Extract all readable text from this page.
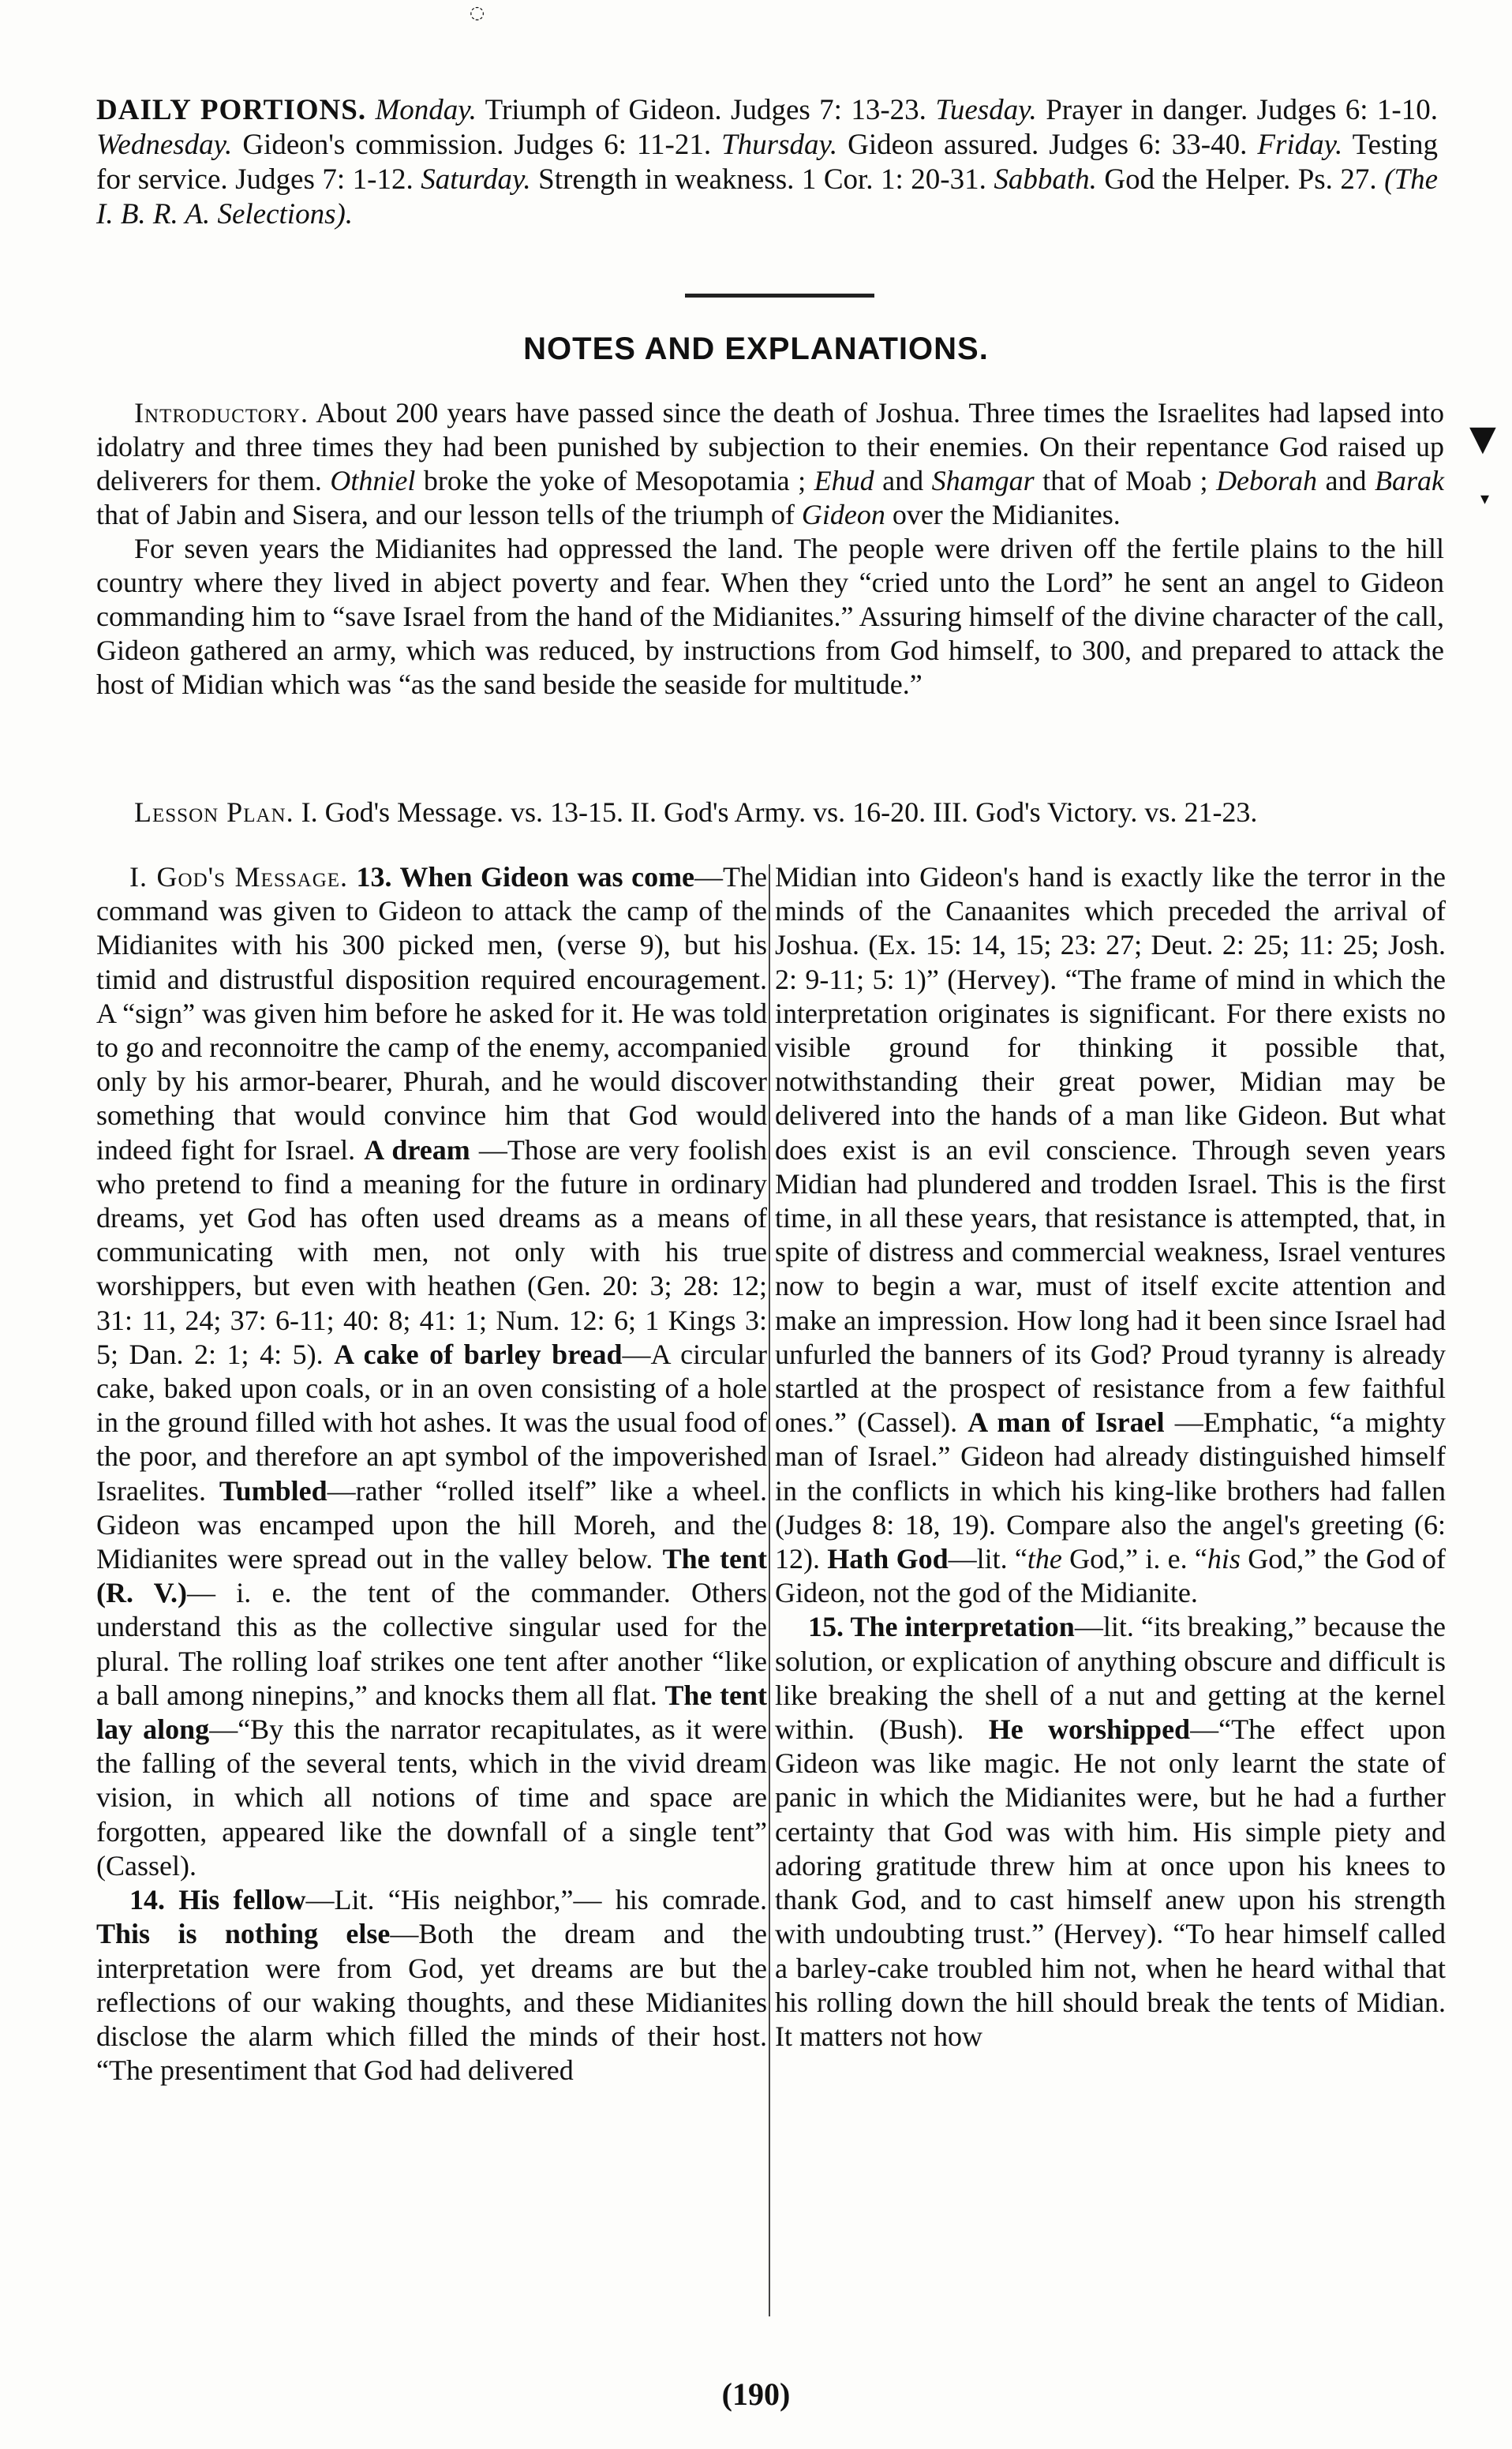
◌
▼
▾
DAILY PORTIONS. Monday. Triumph of Gideon. Judges 7: 13-23. Tuesday. Prayer in danger. Judges 6: 1-10. Wednesday. Gideon's commission. Judges 6: 11-21. Thursday. Gideon assured. Judges 6: 33-40. Friday. Testing for service. Judges 7: 1-12. Saturday. Strength in weakness. 1 Cor. 1: 20-31. Sabbath. God the Helper. Ps. 27. (The I. B. R. A. Selections).
NOTES AND EXPLANATIONS.

Introductory. About 200 years have passed since the death of Joshua. Three times the Israelites had lapsed into idolatry and three times they had been punished by subjection to their enemies. On their repentance God raised up deliverers for them. Othniel broke the yoke of Mesopotamia ; Ehud and Shamgar that of Moab ; Deborah and Barak that of Jabin and Sisera, and our lesson tells of the triumph of Gideon over the Midianites.

For seven years the Midianites had oppressed the land. The people were driven off the fertile plains to the hill country where they lived in abject poverty and fear. When they “cried unto the Lord” he sent an angel to Gideon commanding him to “save Israel from the hand of the Midianites.” Assuring himself of the divine character of the call, Gideon gathered an army, which was reduced, by instructions from God himself, to 300, and prepared to attack the host of Midian which was “as the sand beside the seaside for multitude.”

Lesson Plan. I. God's Message. vs. 13-15. II. God's Army. vs. 16-20. III. God's Victory. vs. 21-23.

I. God's Message. 13. When Gideon was come—The command was given to Gideon to attack the camp of the Midianites with his 300 picked men, (verse 9), but his timid and distrustful disposition required encouragement. A “sign” was given him before he asked for it. He was told to go and reconnoitre the camp of the enemy, accompanied only by his armor-bearer, Phurah, and he would discover something that would convince him that God would indeed fight for Israel. A dream —Those are very foolish who pretend to find a meaning for the future in ordinary dreams, yet God has often used dreams as a means of communicating with men, not only with his true worshippers, but even with heathen (Gen. 20: 3; 28: 12; 31: 11, 24; 37: 6-11; 40: 8; 41: 1; Num. 12: 6; 1 Kings 3: 5; Dan. 2: 1; 4: 5). A cake of barley bread—A circular cake, baked upon coals, or in an oven consisting of a hole in the ground filled with hot ashes. It was the usual food of the poor, and therefore an apt symbol of the impoverished Israelites. Tumbled—rather “rolled itself” like a wheel. Gideon was encamped upon the hill Moreh, and the Midianites were spread out in the valley below. The tent (R. V.)— i. e. the tent of the commander. Others understand this as the collective singular used for the plural. The rolling loaf strikes one tent after another “like a ball among ninepins,” and knocks them all flat. The tent lay along—“By this the narrator recapitulates, as it were the falling of the several tents, which in the vivid dream vision, in which all notions of time and space are forgotten, appeared like the downfall of a single tent” (Cassel).

14. His fellow—Lit. “His neighbor,”— his comrade. This is nothing else—Both the dream and the interpretation were from God, yet dreams are but the reflections of our waking thoughts, and these Midianites disclose the alarm which filled the minds of their host. “The presentiment that God had delivered

Midian into Gideon's hand is exactly like the terror in the minds of the Canaanites which preceded the arrival of Joshua. (Ex. 15: 14, 15; 23: 27; Deut. 2: 25; 11: 25; Josh. 2: 9-11; 5: 1)” (Hervey). “The frame of mind in which the interpretation originates is significant. For there exists no visible ground for thinking it possible that, notwithstanding their great power, Midian may be delivered into the hands of a man like Gideon. But what does exist is an evil conscience. Through seven years Midian had plundered and trodden Israel. This is the first time, in all these years, that resistance is attempted, that, in spite of distress and commercial weakness, Israel ventures now to begin a war, must of itself excite attention and make an impression. How long had it been since Israel had unfurled the banners of its God? Proud tyranny is already startled at the prospect of resistance from a few faithful ones.” (Cassel). A man of Israel —Emphatic, “a mighty man of Israel.” Gideon had already distinguished himself in the conflicts in which his king-like brothers had fallen (Judges 8: 18, 19). Compare also the angel's greeting (6: 12). Hath God—lit. “the God,” i. e. “his God,” the God of Gideon, not the god of the Midianite.

15. The interpretation—lit. “its breaking,” because the solution, or explication of anything obscure and difficult is like breaking the shell of a nut and getting at the kernel within. (Bush). He worshipped—“The effect upon Gideon was like magic. He not only learnt the state of panic in which the Midianites were, but he had a further certainty that God was with him. His simple piety and adoring gratitude threw him at once upon his knees to thank God, and to cast himself anew upon his strength with undoubting trust.” (Hervey). “To hear himself called a barley-cake troubled him not, when he heard withal that his rolling down the hill should break the tents of Midian. It matters not how

(190)
